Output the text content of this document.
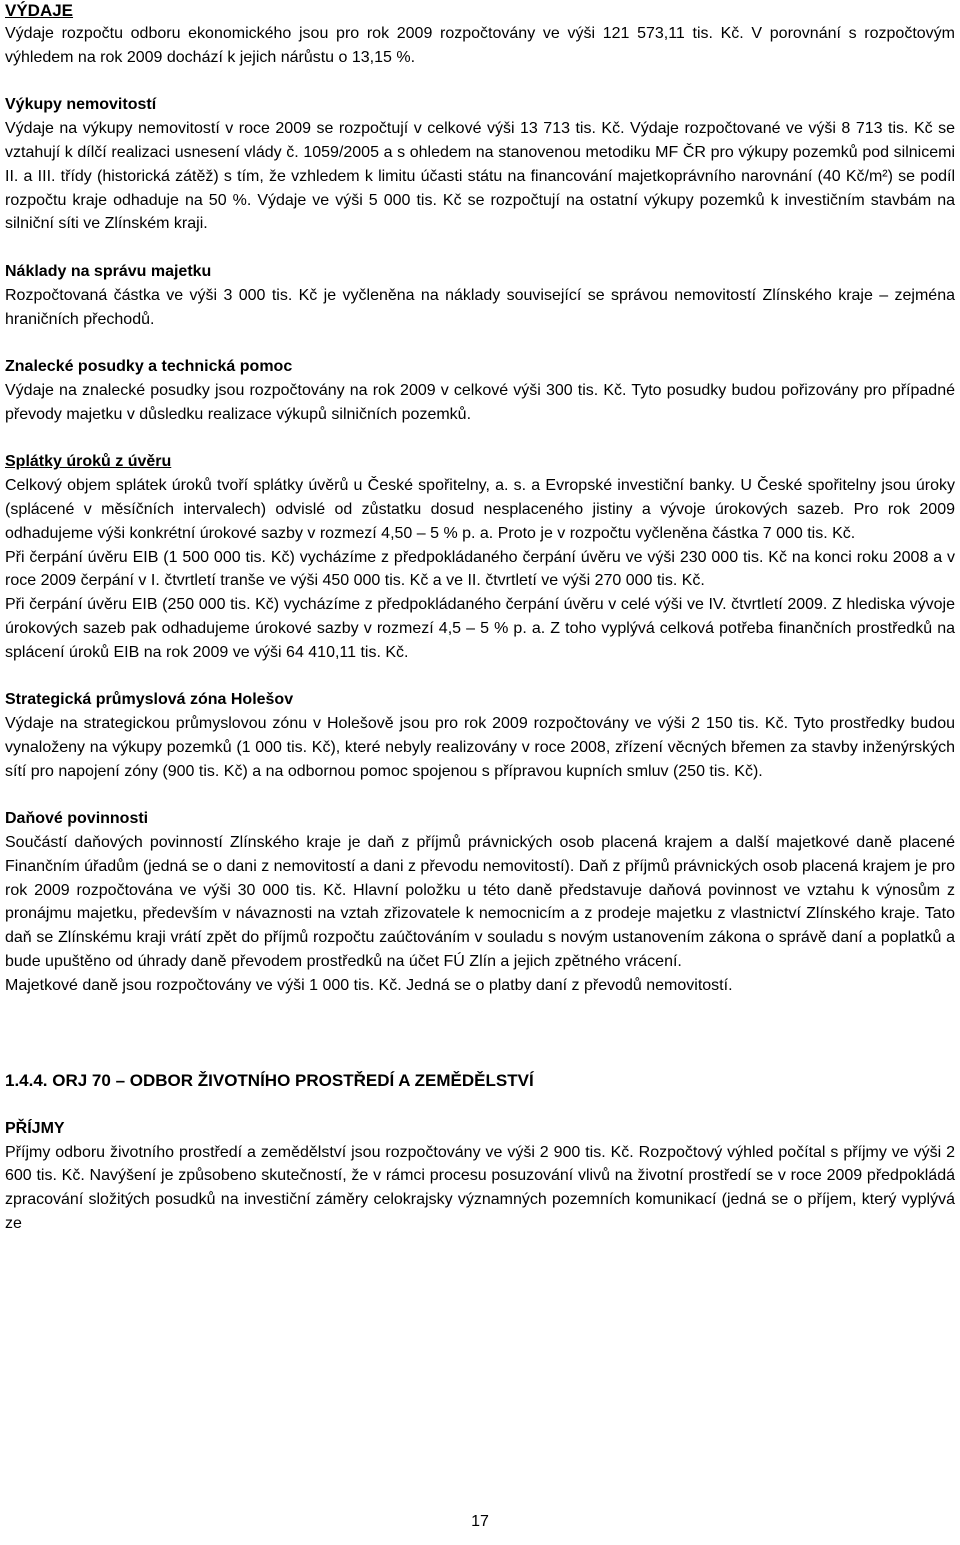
VÝDAJE

Výdaje rozpočtu odboru ekonomického jsou pro rok 2009 rozpočtovány ve výši 121 573,11 tis. Kč. V porovnání s rozpočtovým výhledem na rok 2009 dochází k jejich nárůstu o 13,15 %.

Výkupy nemovitostí

Výdaje na výkupy nemovitostí v roce 2009 se rozpočtují v celkové výši 13 713 tis. Kč. Výdaje rozpočtované ve výši 8 713 tis. Kč se vztahují k dílčí realizaci usnesení vlády č. 1059/2005 a s ohledem na stanovenou metodiku MF ČR pro výkupy pozemků pod silnicemi II. a III. třídy (historická zátěž) s tím, že vzhledem k limitu účasti státu na financování majetkoprávního narovnání (40 Kč/m²) se podíl rozpočtu kraje odhaduje na 50 %. Výdaje ve výši 5 000 tis. Kč se rozpočtují na ostatní výkupy pozemků k investičním stavbám na silniční síti ve Zlínském kraji.

Náklady na správu majetku

Rozpočtovaná částka ve výši 3 000 tis. Kč je vyčleněna na náklady související se správou nemovitostí Zlínského kraje – zejména hraničních přechodů.

Znalecké posudky a technická pomoc

Výdaje na znalecké posudky jsou rozpočtovány na rok 2009 v celkové výši 300 tis. Kč. Tyto posudky budou pořizovány pro případné převody majetku v důsledku realizace výkupů silničních pozemků.

Splátky úroků z úvěru

Celkový objem splátek úroků tvoří splátky úvěrů u České spořitelny, a. s. a Evropské investiční banky. U České spořitelny jsou úroky (splácené v měsíčních intervalech) odvislé od zůstatku dosud nesplaceného jistiny a vývoje úrokových sazeb. Pro rok 2009 odhadujeme výši konkrétní úrokové sazby v rozmezí 4,50 – 5 % p. a. Proto je v rozpočtu vyčleněna částka 7 000 tis. Kč.

Při čerpání úvěru EIB (1 500 000 tis. Kč) vycházíme z předpokládaného čerpání úvěru ve výši 230 000 tis. Kč na konci roku 2008 a v roce 2009 čerpání v I. čtvrtletí tranše ve výši 450 000 tis. Kč a ve II. čtvrtletí ve výši 270 000 tis. Kč.

Při čerpání úvěru EIB (250 000 tis. Kč) vycházíme z předpokládaného čerpání úvěru v celé výši ve IV. čtvrtletí 2009. Z hlediska vývoje úrokových sazeb pak odhadujeme úrokové sazby v rozmezí 4,5 – 5 % p. a. Z toho vyplývá celková potřeba finančních prostředků na splácení úroků EIB na rok 2009 ve výši 64 410,11 tis. Kč.

Strategická průmyslová zóna Holešov

Výdaje na strategickou průmyslovou zónu v Holešově jsou pro rok 2009 rozpočtovány ve výši 2 150 tis. Kč. Tyto prostředky budou vynaloženy na výkupy pozemků (1 000 tis. Kč), které nebyly realizovány v roce 2008, zřízení věcných břemen za stavby inženýrských sítí pro napojení zóny (900 tis. Kč) a na odbornou pomoc spojenou s přípravou kupních smluv (250 tis. Kč).

Daňové povinnosti

Součástí daňových povinností Zlínského kraje je daň z příjmů právnických osob placená krajem a další majetkové daně placené Finančním úřadům (jedná se o dani z nemovitostí a dani z převodu nemovitostí). Daň z příjmů právnických osob placená krajem je pro rok 2009 rozpočtována ve výši 30 000 tis. Kč. Hlavní položku u této daně představuje daňová povinnost ve vztahu k výnosům z pronájmu majetku, především v návaznosti na vztah zřizovatele k nemocnicím a z prodeje majetku z vlastnictví Zlínského kraje. Tato daň se Zlínskému kraji vrátí zpět do příjmů rozpočtu zaúčtováním v souladu s novým ustanovením zákona o správě daní a poplatků a bude upuštěno od úhrady daně převodem prostředků na účet FÚ Zlín a jejich zpětného vrácení.

Majetkové daně jsou rozpočtovány ve výši 1 000 tis. Kč. Jedná se o platby daní z převodů nemovitostí.

1.4.4. ORJ 70 – ODBOR ŽIVOTNÍHO PROSTŘEDÍ A ZEMĚDĚLSTVÍ

PŘÍJMY

Příjmy odboru životního prostředí a zemědělství jsou rozpočtovány ve výši 2 900 tis. Kč. Rozpočtový výhled počítal s příjmy ve výši 2 600 tis. Kč. Navýšení je způsobeno skutečností, že v rámci procesu posuzování vlivů na životní prostředí se v roce 2009 předpokládá zpracování složitých posudků na investiční záměry celokrajsky významných pozemních komunikací (jedná se o příjem, který vyplývá ze

17
